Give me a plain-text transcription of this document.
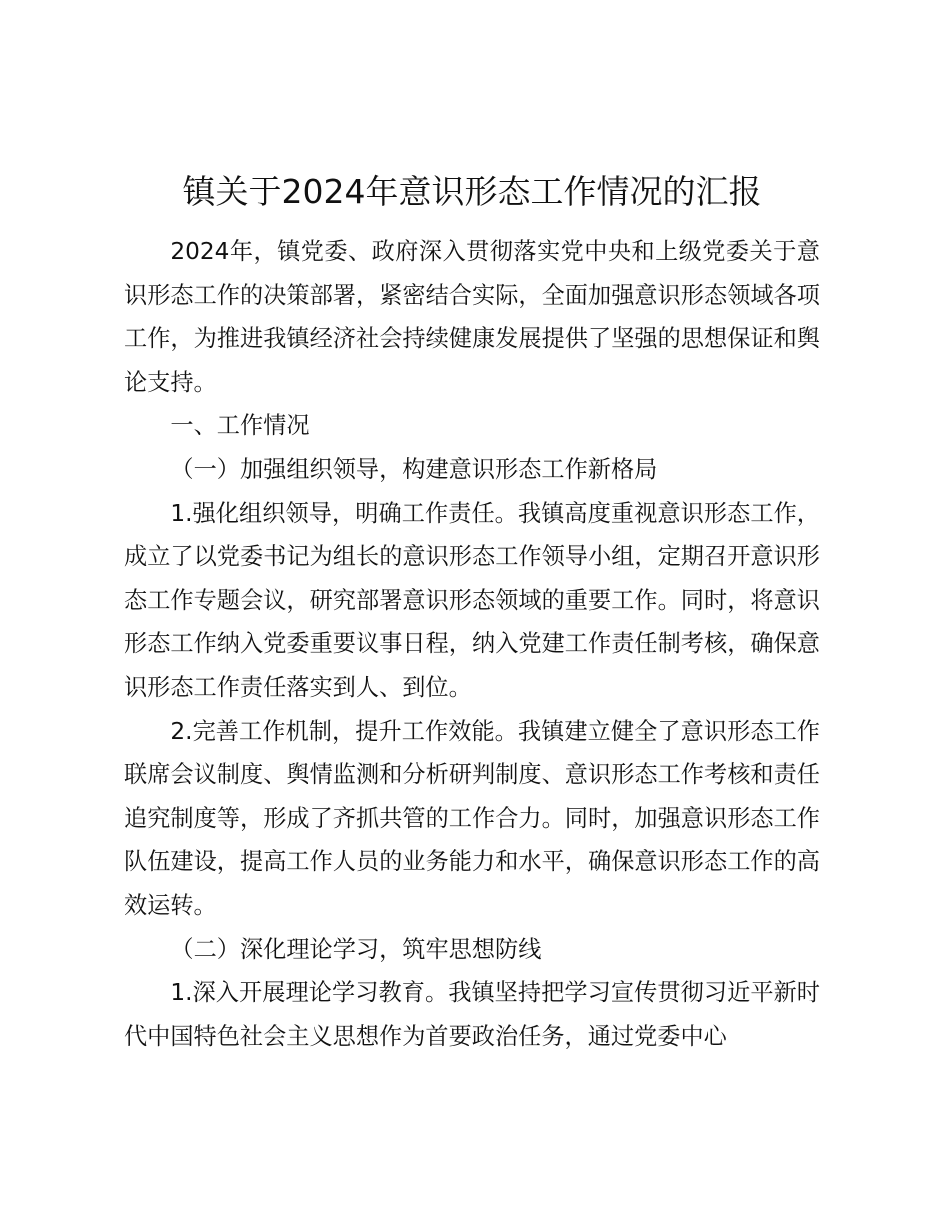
镇关于2024年意识形态工作情况的汇报

2024年，镇党委、政府深入贯彻落实党中央和上级党委关于意识形态工作的决策部署，紧密结合实际，全面加强意识形态领域各项工作，为推进我镇经济社会持续健康发展提供了坚强的思想保证和舆论支持。

一、工作情况

（一）加强组织领导，构建意识形态工作新格局

1.强化组织领导，明确工作责任。我镇高度重视意识形态工作，成立了以党委书记为组长的意识形态工作领导小组，定期召开意识形态工作专题会议，研究部署意识形态领域的重要工作。同时，将意识形态工作纳入党委重要议事日程，纳入党建工作责任制考核，确保意识形态工作责任落实到人、到位。

2.完善工作机制，提升工作效能。我镇建立健全了意识形态工作联席会议制度、舆情监测和分析研判制度、意识形态工作考核和责任追究制度等，形成了齐抓共管的工作合力。同时，加强意识形态工作队伍建设，提高工作人员的业务能力和水平，确保意识形态工作的高效运转。

（二）深化理论学习，筑牢思想防线

1.深入开展理论学习教育。我镇坚持把学习宣传贯彻习近平新时代中国特色社会主义思想作为首要政治任务，通过党委中心
